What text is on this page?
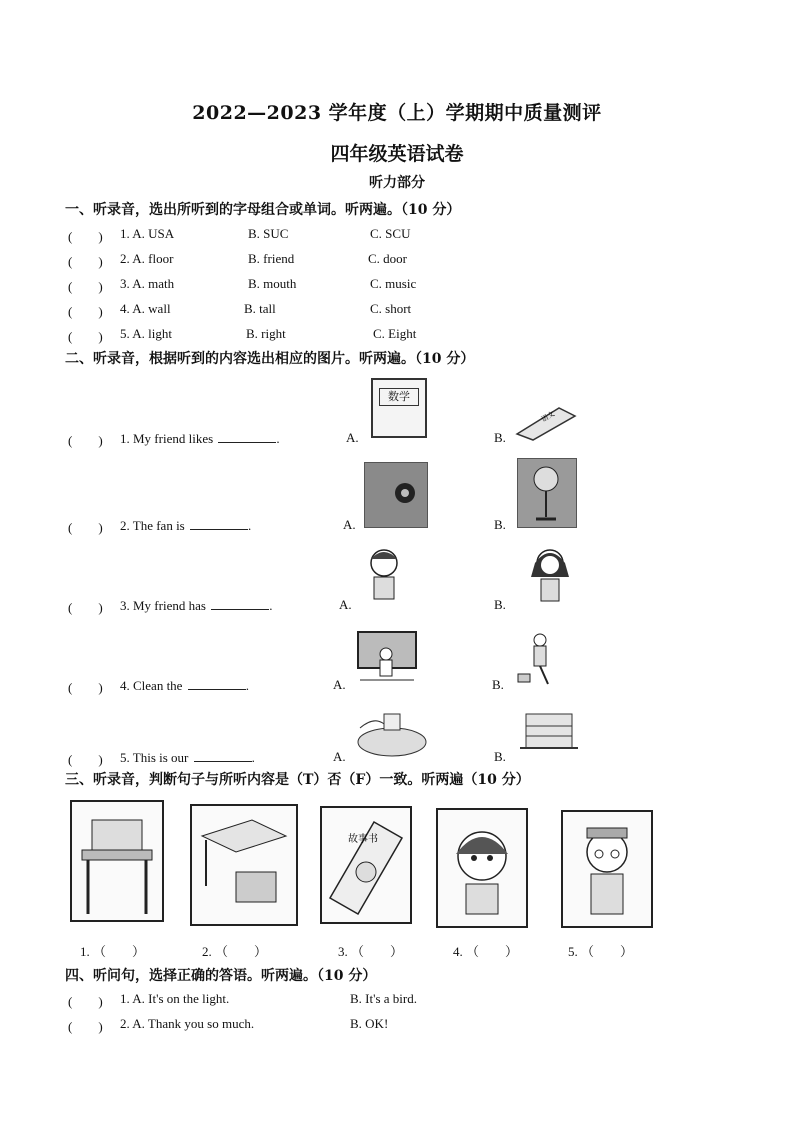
2022—2023 学年度（上）学期期中质量测评
四年级英语试卷
听力部分
一、听录音，选出所听到的字母组合或单词。听两遍。（10 分）
(　　) 1. A. USA	B. SUC	C. SCU
(　　) 2. A. floor	B. friend	C. door
(　　) 3. A. math	B. mouth	C. music
(　　) 4. A. wall	B. tall	C. short
(　　) 5. A. light	B. right	C. Eight
二、听录音，根据听到的内容选出相应的图片。听两遍。（10 分）
(　　) 1. My friend likes	.	A.
数学
B.
语文
(　　) 2. The fan is	.	A.	B.
(　　) 3. My friend has	.	A.	B.
(　　) 4. Clean the	.	A.	B.
(　　) 5. This is our	.	A.	B.
三、听录音，判断句子与所听内容是（T）否（F）一致。听两遍（10 分）
故事书
1. （　　）	2. （　　）	3. （　　）	4. （　　）	5. （　　）
四、听问句，选择正确的答语。听两遍。（10 分）
(　　) 1. A. It's on the light.	B. It's a bird.
(　　) 2. A. Thank you so much.	B. OK!
